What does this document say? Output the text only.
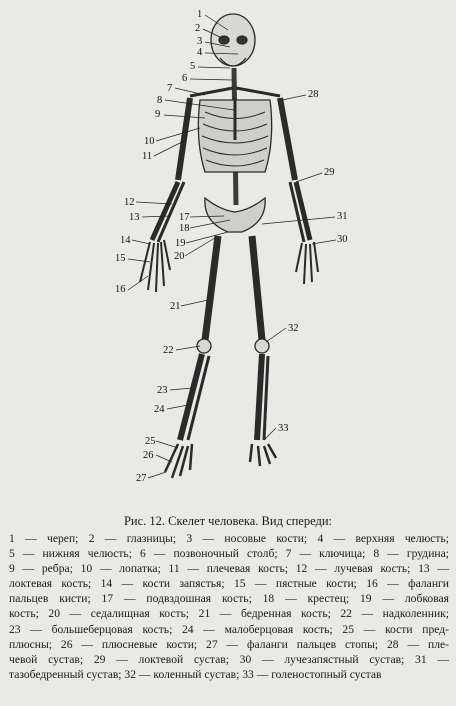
1
2
3
4
5
6
7
8
9
10
11
12
13
14
15
16
17
18
19
20
21
22
23
24
25
26
27
28
29
30
31
32
33
Рис. 12. Скелет человека. Вид спереди:
1 — череп; 2 — глазницы; 3 — носовые кости; 4 — верхняя челюсть;
5 — нижняя челюсть; 6 — позвоночный столб; 7 — ключица; 8 — грудина;
9 — ребра; 10 — лопатка; 11 — плечевая кость; 12 — лучевая кость; 13 —
локтевая кость; 14 — кости запястья; 15 — пястные кости; 16 — фаланги
пальцев кисти; 17 — подвздошная кость; 18 — крестец; 19 — лобковая
кость; 20 — седалищная кость; 21 — бедренная кость; 22 — надколенник;
23 — большеберцовая кость; 24 — малоберцовая кость; 25 — кости пред-
плюсны; 26 — плюсневые кости; 27 — фаланги пальцев стопы; 28 — пле-
чевой сустав; 29 — локтевой сустав; 30 — лучезапястный сустав; 31 —
тазобедренный сустав; 32 — коленный сустав; 33 — голеностопный сустав
